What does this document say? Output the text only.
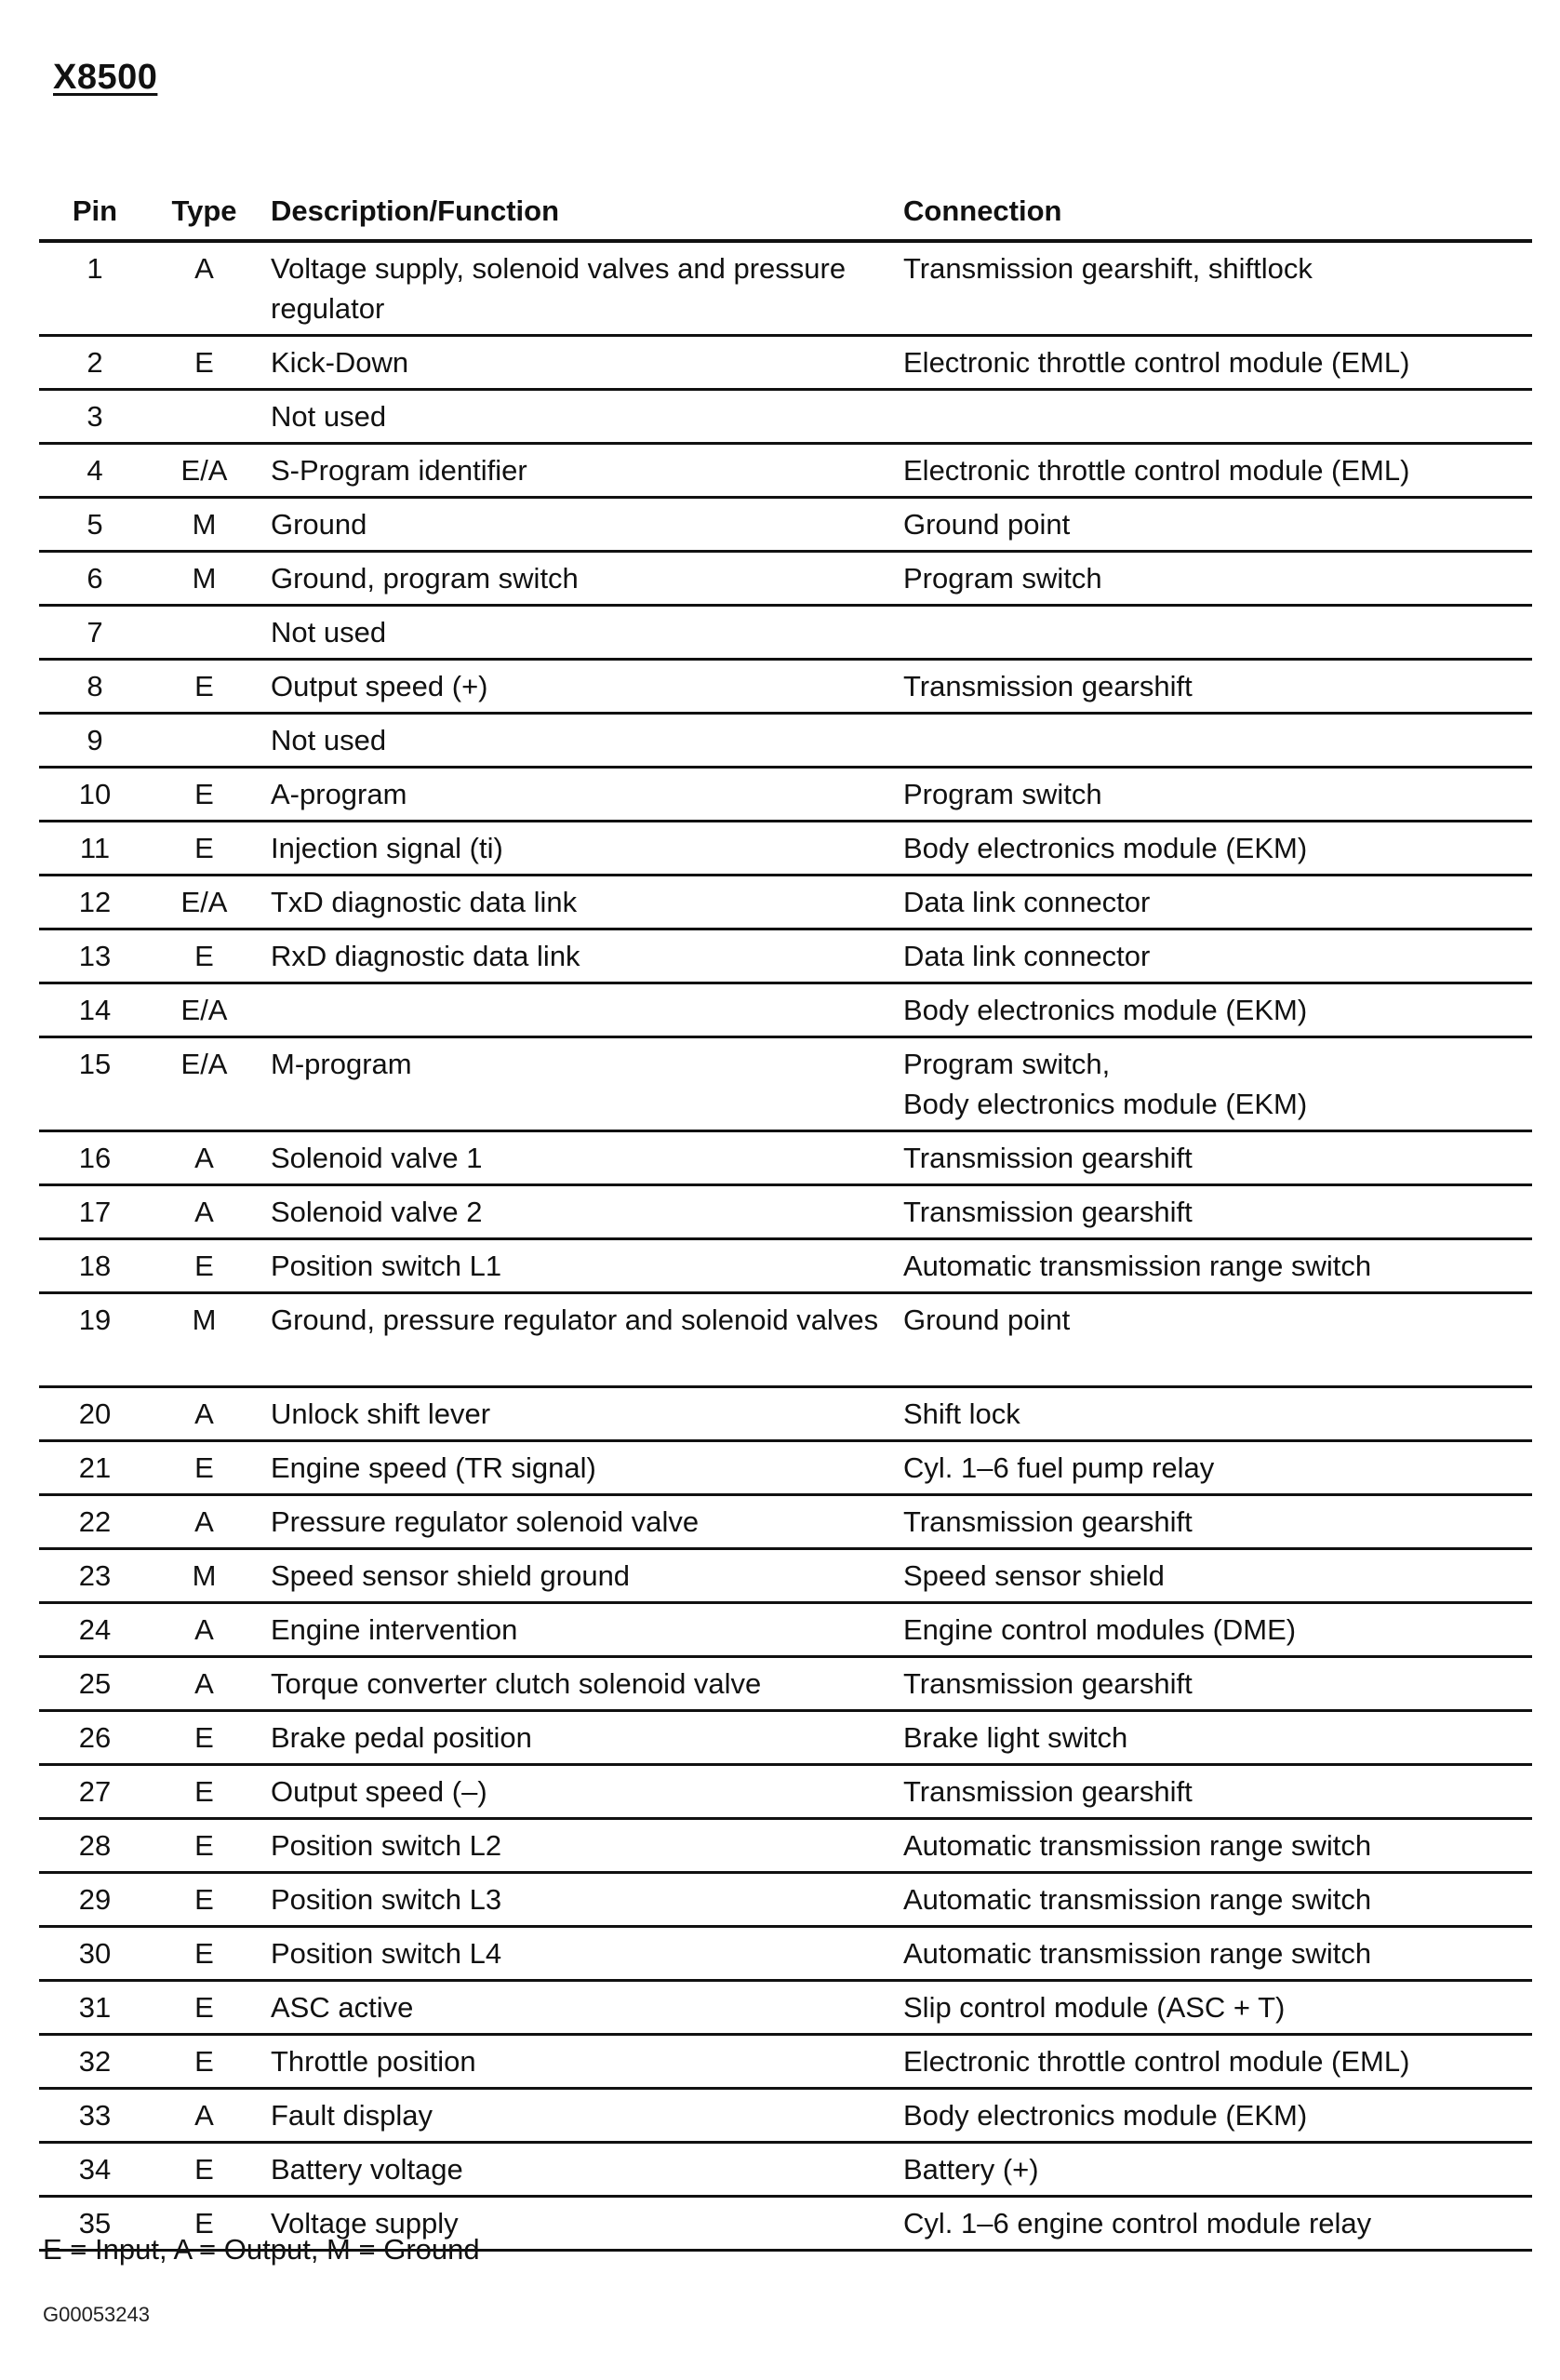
X8500
Pin	Type	Description/Function	Connection
1	A	Voltage supply, solenoid valves and pressure regulator	Transmission gearshift, shiftlock
2	E	Kick-Down	Electronic throttle control module (EML)
3		Not used	
4	E/A	S-Program identifier	Electronic throttle control module (EML)
5	M	Ground	Ground point
6	M	Ground, program switch	Program switch
7		Not used	
8	E	Output speed (+)	Transmission gearshift
9		Not used	
10	E	A-program	Program switch
11	E	Injection signal (ti)	Body electronics module (EKM)
12	E/A	TxD diagnostic data link	Data link connector
13	E	RxD diagnostic data link	Data link connector
14	E/A		Body electronics module (EKM)
15	E/A	M-program	Program switch,
Body electronics module (EKM)
16	A	Solenoid valve 1	Transmission gearshift
17	A	Solenoid valve 2	Transmission gearshift
18	E	Position switch L1	Automatic transmission range switch
19	M	Ground, pressure regulator and solenoid valves	Ground point
20	A	Unlock shift lever	Shift lock
21	E	Engine speed (TR signal)	Cyl. 1–6 fuel pump relay
22	A	Pressure regulator solenoid valve	Transmission gearshift
23	M	Speed sensor shield ground	Speed sensor shield
24	A	Engine intervention	Engine control modules (DME)
25	A	Torque converter clutch solenoid valve	Transmission gearshift
26	E	Brake pedal position	Brake light switch
27	E	Output speed (–)	Transmission gearshift
28	E	Position switch L2	Automatic transmission range switch
29	E	Position switch L3	Automatic transmission range switch
30	E	Position switch L4	Automatic transmission range switch
31	E	ASC active	Slip control module (ASC + T)
32	E	Throttle position	Electronic throttle control module (EML)
33	A	Fault display	Body electronics module (EKM)
34	E	Battery voltage	Battery (+)
35	E	Voltage supply	Cyl. 1–6 engine control module relay
E = Input, A = Output, M = Ground
G00053243
